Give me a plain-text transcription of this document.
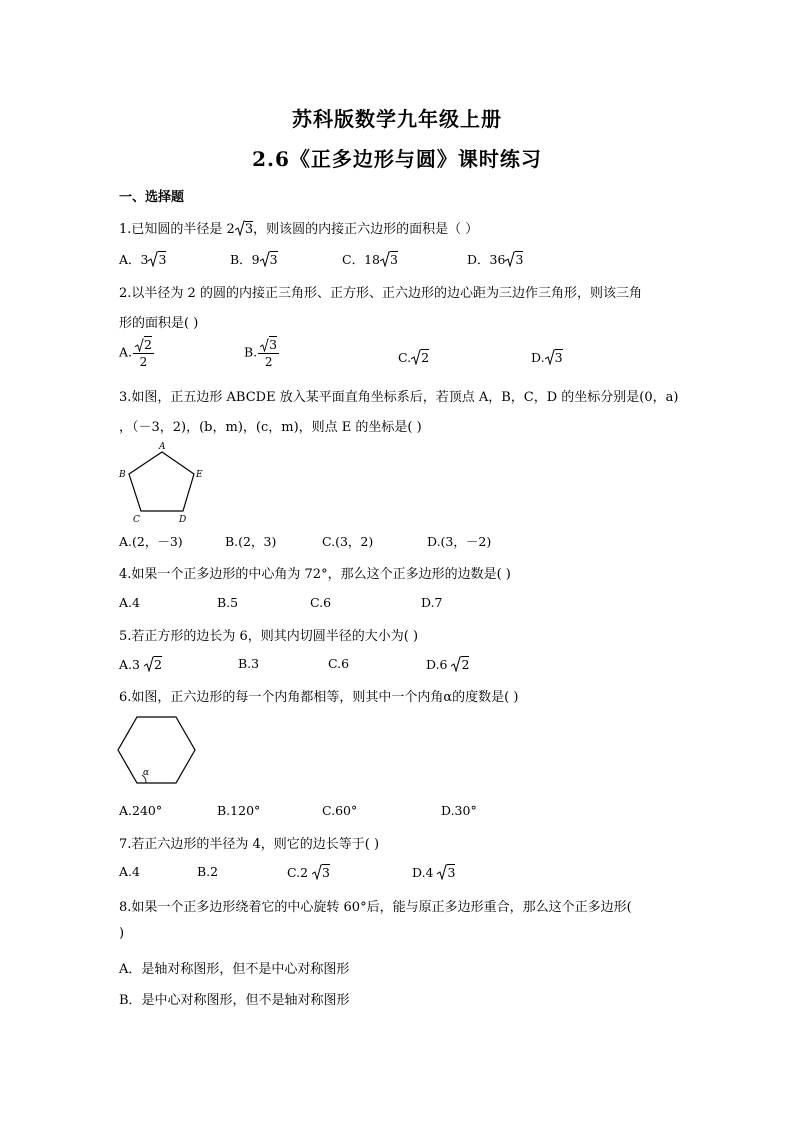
苏科版数学九年级上册
2.6《正多边形与圆》课时练习
一、选择题
1.已知圆的半径是 2 3，则该圆的内接正六边形的面积是（ ）
A．3 3	B．9 3	C．18 3	D．36 3
2.以半径为 2 的圆的内接正三角形、正方形、正六边形的边心距为三边作三角形，则该三角
形的面积是( )
A. $\frac{2}{2}$	B. $\frac{3}{2}$	C. 2	D. 3
3.如图，正五边形 ABCDE 放入某平面直角坐标系后，若顶点 A，B，C，D 的坐标分别是(0，a)
，（－3，2)，(b，m)，(c，m)，则点 E 的坐标是( )
A
B
C	D
E
A.(2，－3)	B.(2，3)	C.(3，2)	D.(3，－2)
4.如果一个正多边形的中心角为 72°，那么这个正多边形的边数是( )
A.4	B.5	C.6	D.7
5.若正方形的边长为 6，则其内切圆半径的大小为( )
A.3 2	B.3	C.6	D.6 2
6.如图，正六边形的每一个内角都相等，则其中一个内角α的度数是( )
α
A.240°	B.120°	C.60°	D.30°
7.若正六边形的半径为 4，则它的边长等于( )
A.4	B.2	C.2 3	D.4 3
8.如果一个正多边形绕着它的中心旋转 60°后，能与原正多边形重合，那么这个正多边形(
)
A．是轴对称图形，但不是中心对称图形
B．是中心对称图形，但不是轴对称图形
